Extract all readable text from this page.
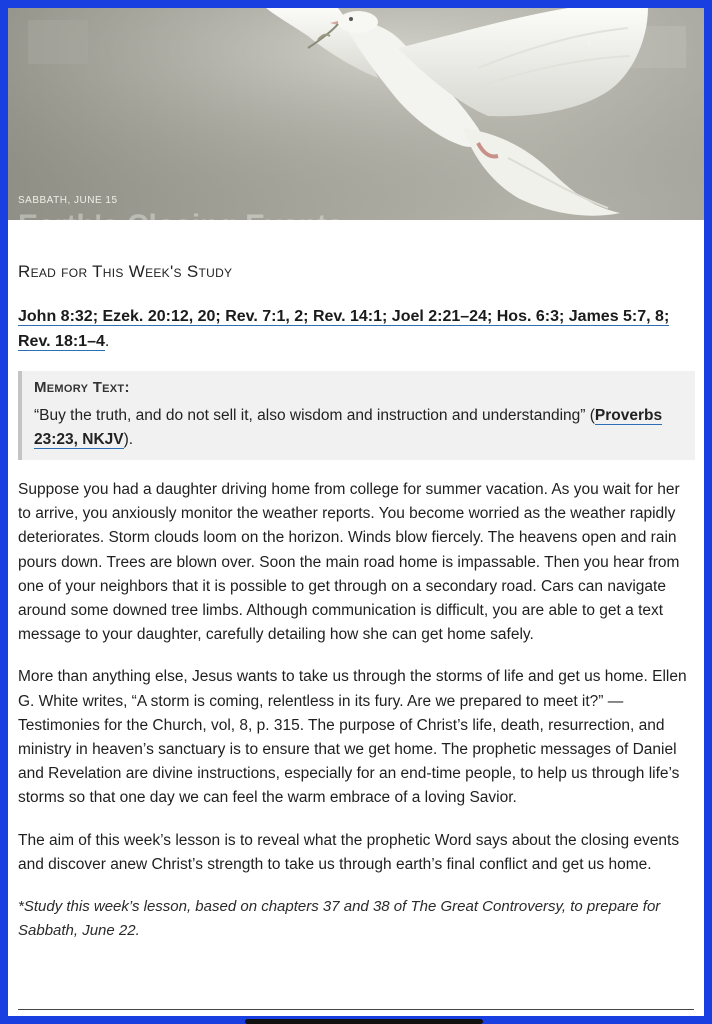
SABBATH, JUNE 15
Earth's Closing Events
Read for This Week's Study

John 8:32; Ezek. 20:12, 20; Rev. 7:1, 2; Rev. 14:1; Joel 2:21–24; Hos. 6:3; James 5:7, 8; Rev. 18:1–4.

Memory Text:
“Buy the truth, and do not sell it, also wisdom and instruction and understanding” (Proverbs 23:23, NKJV).

Suppose you had a daughter driving home from college for summer vacation. As you wait for her to arrive, you anxiously monitor the weather reports. You become worried as the weather rapidly deteriorates. Storm clouds loom on the horizon. Winds blow fiercely. The heavens open and rain pours down. Trees are blown over. Soon the main road home is impassable. Then you hear from one of your neighbors that it is possible to get through on a secondary road. Cars can navigate around some downed tree limbs. Although communication is difficult, you are able to get a text message to your daughter, carefully detailing how she can get home safely.

More than anything else, Jesus wants to take us through the storms of life and get us home. Ellen G. White writes, “A storm is coming, relentless in its fury. Are we prepared to meet it?” — Testimonies for the Church, vol, 8, p. 315. The purpose of Christ’s life, death, resurrection, and ministry in heaven’s sanctuary is to ensure that we get home. The prophetic messages of Daniel and Revelation are divine instructions, especially for an end-time people, to help us through life’s storms so that one day we can feel the warm embrace of a loving Savior.

The aim of this week’s lesson is to reveal what the prophetic Word says about the closing events and discover anew Christ’s strength to take us through earth’s final conflict and get us home.

*Study this week’s lesson, based on chapters 37 and 38 of The Great Controversy, to prepare for Sabbath, June 22.
